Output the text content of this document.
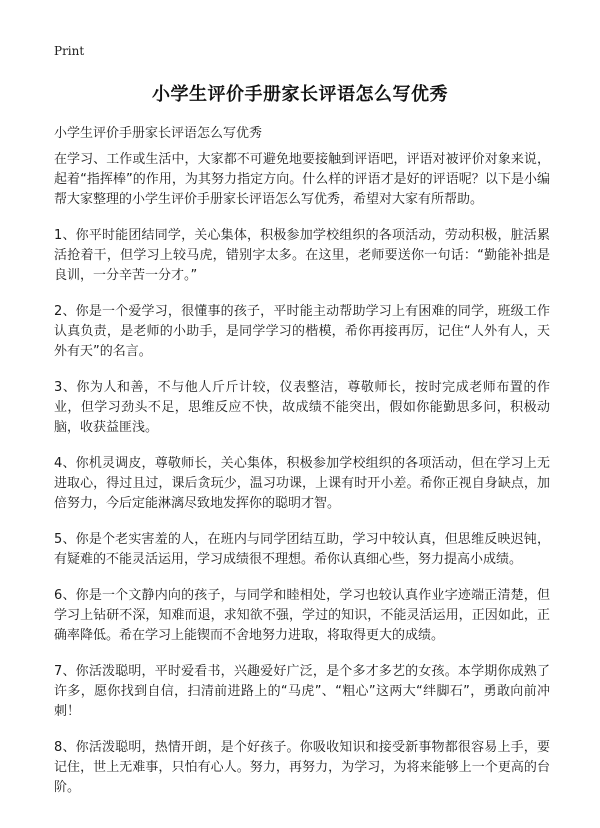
Print
小学生评价手册家长评语怎么写优秀
小学生评价手册家长评语怎么写优秀

在学习、工作或生活中，大家都不可避免地要接触到评语吧，评语对被评价对象来说，起着“指挥棒”的作用，为其努力指定方向。什么样的评语才是好的评语呢？以下是小编帮大家整理的小学生评价手册家长评语怎么写优秀，希望对大家有所帮助。

1、你平时能团结同学，关心集体，积极参加学校组织的各项活动，劳动积极，脏活累活抢着干，但学习上较马虎，错别字太多。在这里，老师要送你一句话：“勤能补拙是良训，一分辛苦一分才。”

2、你是一个爱学习，很懂事的孩子，平时能主动帮助学习上有困难的同学，班级工作认真负责，是老师的小助手，是同学学习的楷模，希你再接再厉，记住“人外有人，天外有天”的名言。

3、你为人和善，不与他人斤斤计较，仪表整洁，尊敬师长，按时完成老师布置的作业，但学习劲头不足，思维反应不快，故成绩不能突出，假如你能勤思多问，积极动脑，收获益匪浅。

4、你机灵调皮，尊敬师长，关心集体，积极参加学校组织的各项活动，但在学习上无进取心，得过且过，课后贪玩少，温习功课，上课有时开小差。希你正视自身缺点，加倍努力，今后定能淋漓尽致地发挥你的聪明才智。

5、你是个老实害羞的人，在班内与同学团结互助，学习中较认真，但思维反映迟钝，有疑难的不能灵活运用，学习成绩很不理想。希你认真细心些，努力提高小成绩。

6、你是一个文静内向的孩子，与同学和睦相处，学习也较认真作业字迹端正清楚，但学习上钻研不深，知难而退，求知欲不强，学过的知识，不能灵活运用，正因如此，正确率降低。希在学习上能锲而不舍地努力进取，将取得更大的成绩。

7、你活泼聪明，平时爱看书，兴趣爱好广泛，是个多才多艺的女孩。本学期你成熟了许多，愿你找到自信，扫清前进路上的“马虎”、“粗心”这两大“绊脚石”，勇敢向前冲刺！

8、你活泼聪明，热情开朗，是个好孩子。你吸收知识和接受新事物都很容易上手，要记住，世上无难事，只怕有心人。努力，再努力，为学习，为将来能够上一个更高的台阶。
